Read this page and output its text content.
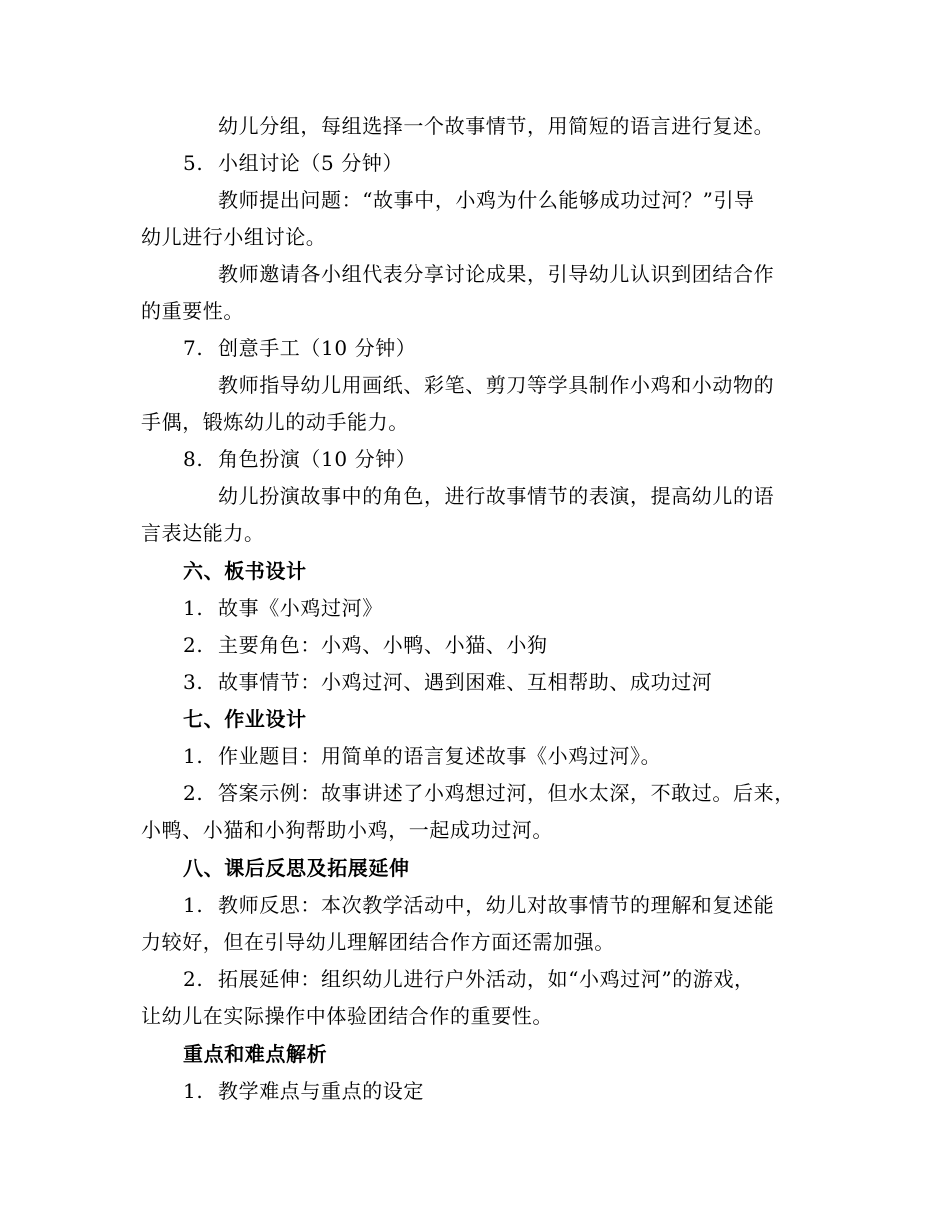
幼儿分组，每组选择一个故事情节，用简短的语言进行复述。

5. 小组讨论（5 分钟）

教师提出问题：“故事中，小鸡为什么能够成功过河？”引导

幼儿进行小组讨论。

教师邀请各小组代表分享讨论成果，引导幼儿认识到团结合作

的重要性。

7. 创意手工（10 分钟）

教师指导幼儿用画纸、彩笔、剪刀等学具制作小鸡和小动物的

手偶，锻炼幼儿的动手能力。

8. 角色扮演（10 分钟）

幼儿扮演故事中的角色，进行故事情节的表演，提高幼儿的语

言表达能力。

六、板书设计

1. 故事《小鸡过河》

2. 主要角色：小鸡、小鸭、小猫、小狗

3. 故事情节：小鸡过河、遇到困难、互相帮助、成功过河

七、作业设计

1. 作业题目：用简单的语言复述故事《小鸡过河》。

2. 答案示例：故事讲述了小鸡想过河，但水太深，不敢过。后来，

小鸭、小猫和小狗帮助小鸡，一起成功过河。

八、课后反思及拓展延伸

1. 教师反思：本次教学活动中，幼儿对故事情节的理解和复述能

力较好，但在引导幼儿理解团结合作方面还需加强。

2. 拓展延伸：组织幼儿进行户外活动，如“小鸡过河”的游戏，

让幼儿在实际操作中体验团结合作的重要性。

重点和难点解析

1. 教学难点与重点的设定
